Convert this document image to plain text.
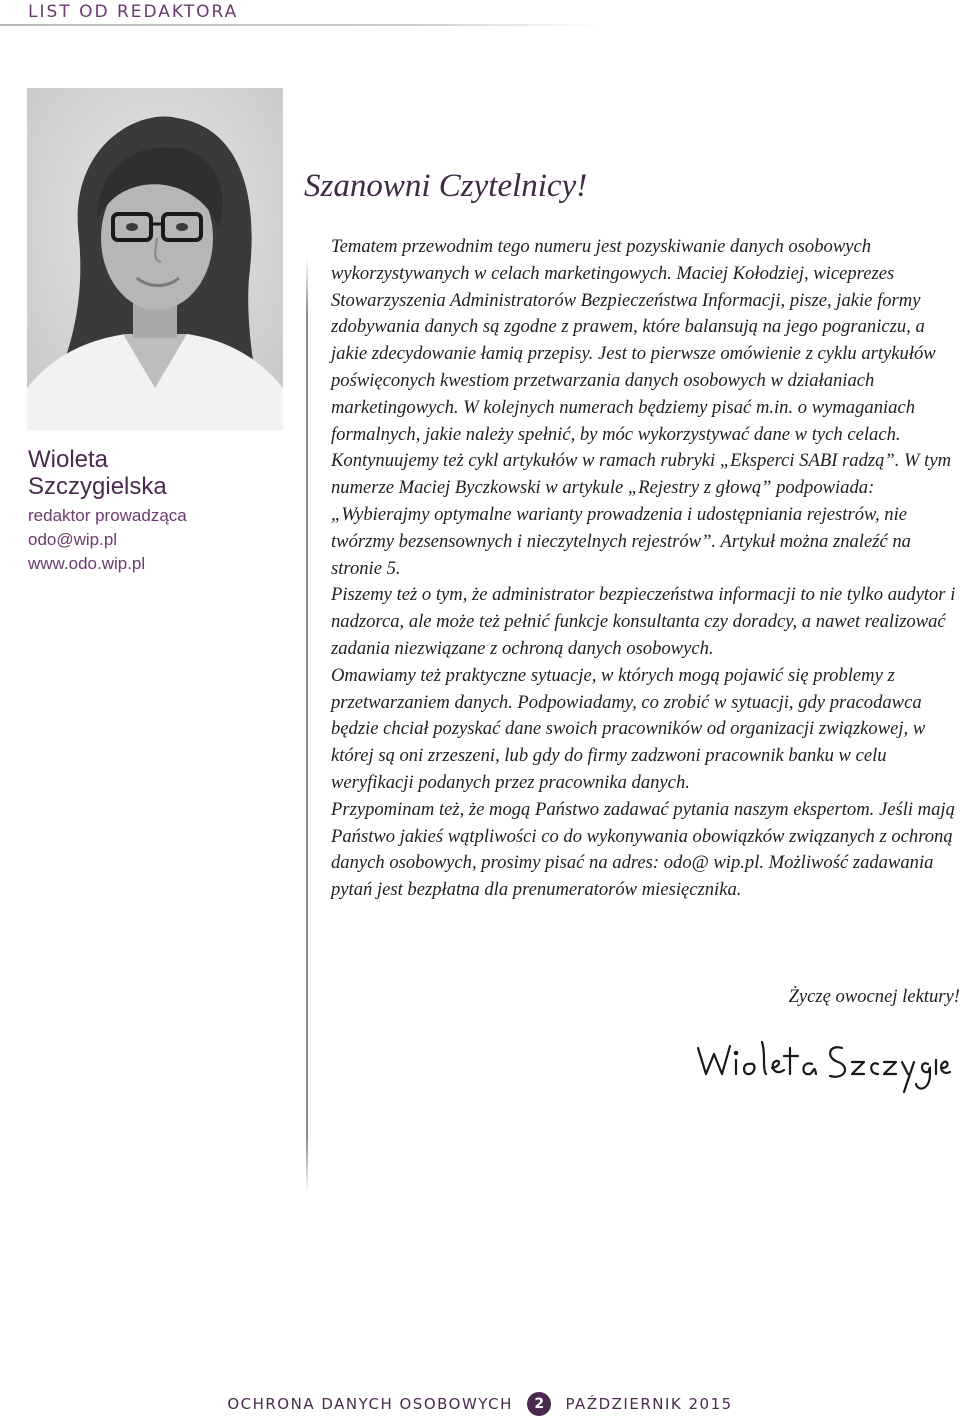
LIST OD REDAKTORA
Wioleta
Szczygielska
redaktor prowadząca
odo@wip.pl
www.odo.wip.pl
Szanowni Czytelnicy!

Tematem przewodnim tego numeru jest pozyskiwanie danych osobowych wykorzystywanych w celach marketingowych. Maciej Kołodziej, wiceprezes Stowarzyszenia Administratorów Bezpieczeństwa Informacji, pisze, jakie formy zdobywania danych są zgodne z prawem, które balansują na jego pograniczu, a jakie zdecydowanie łamią przepisy. Jest to pierwsze omówienie z cyklu artykułów poświęconych kwestiom przetwarzania danych osobowych w działaniach marketingowych. W kolejnych numerach będziemy pisać m.in. o wymaganiach formalnych, jakie należy spełnić, by móc wykorzystywać dane w tych celach.

Kontynuujemy też cykl artykułów w ramach rubryki „Eksperci SABI radzą”. W tym numerze Maciej Byczkowski w artykule „Rejestry z głową” podpowiada: „Wybierajmy optymalne warianty prowadzenia i udostępniania rejestrów, nie twórzmy bezsensownych i nieczytelnych rejestrów”. Artykuł można znaleźć na stronie 5.

Piszemy też o tym, że administrator bezpieczeństwa informacji to nie tylko audytor i nadzorca, ale może też pełnić funkcje konsultanta czy doradcy, a nawet realizować zadania niezwiązane z ochroną danych osobowych.

Omawiamy też praktyczne sytuacje, w których mogą pojawić się problemy z przetwarzaniem danych. Podpowiadamy, co zrobić w sytuacji, gdy pracodawca będzie chciał pozyskać dane swoich pracowników od organizacji związkowej, w której są oni zrzeszeni, lub gdy do firmy zadzwoni pracownik banku w celu weryfikacji podanych przez pracownika danych.

Przypominam też, że mogą Państwo zadawać pytania naszym ekspertom. Jeśli mają Państwo jakieś wątpliwości co do wykonywania obowiązków związanych z ochroną danych osobowych, prosimy pisać na adres: odo@ wip.pl. Możliwość zadawania pytań jest bezpłatna dla prenumeratorów miesięcznika.

Życzę owocnej lektury!
OCHRONA DANYCH OSOBOWYCH 2 PAŹDZIERNIK 2015
